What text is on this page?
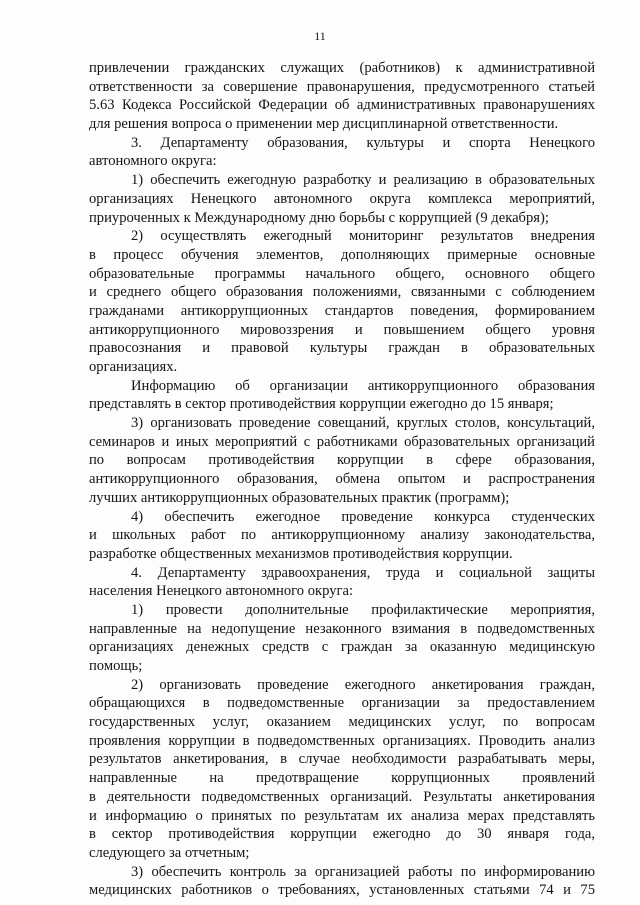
11
привлечении гражданских служащих (работников) к административной
ответственности за совершение правонарушения, предусмотренного статьей
5.63 Кодекса Российской Федерации об административных правонарушениях
для решения вопроса о применении мер дисциплинарной ответственности.
3. Департаменту образования, культуры и спорта Ненецкого
автономного округа:
1) обеспечить ежегодную разработку и реализацию в образовательных
организациях Ненецкого автономного округа комплекса мероприятий,
приуроченных к Международному дню борьбы с коррупцией (9 декабря);
2) осуществлять ежегодный мониторинг результатов внедрения
в процесс обучения элементов, дополняющих примерные основные
образовательные программы начального общего, основного общего
и среднего общего образования положениями, связанными с соблюдением
гражданами антикоррупционных стандартов поведения, формированием
антикоррупционного мировоззрения и повышением общего уровня
правосознания и правовой культуры граждан в образовательных
организациях.
Информацию об организации антикоррупционного образования
представлять в сектор противодействия коррупции ежегодно до 15 января;
3) организовать проведение совещаний, круглых столов, консультаций,
семинаров и иных мероприятий с работниками образовательных организаций
по вопросам противодействия коррупции в сфере образования,
антикоррупционного образования, обмена опытом и распространения
лучших антикоррупционных образовательных практик (программ);
4) обеспечить ежегодное проведение конкурса студенческих
и школьных работ по антикоррупционному анализу законодательства,
разработке общественных механизмов противодействия коррупции.
4. Департаменту здравоохранения, труда и социальной защиты
населения Ненецкого автономного округа:
1) провести дополнительные профилактические мероприятия,
направленные на недопущение незаконного взимания в подведомственных
организациях денежных средств с граждан за оказанную медицинскую
помощь;
2) организовать проведение ежегодного анкетирования граждан,
обращающихся в подведомственные организации за предоставлением
государственных услуг, оказанием медицинских услуг, по вопросам
проявления коррупции в подведомственных организациях. Проводить анализ
результатов анкетирования, в случае необходимости разрабатывать меры,
направленные на предотвращение коррупционных проявлений
в деятельности подведомственных организаций. Результаты анкетирования
и информацию о принятых по результатам их анализа мерах представлять
в сектор противодействия коррупции ежегодно до 30 января года,
следующего за отчетным;
3) обеспечить контроль за организацией работы по информированию
медицинских работников о требованиях, установленных статьями 74 и 75
